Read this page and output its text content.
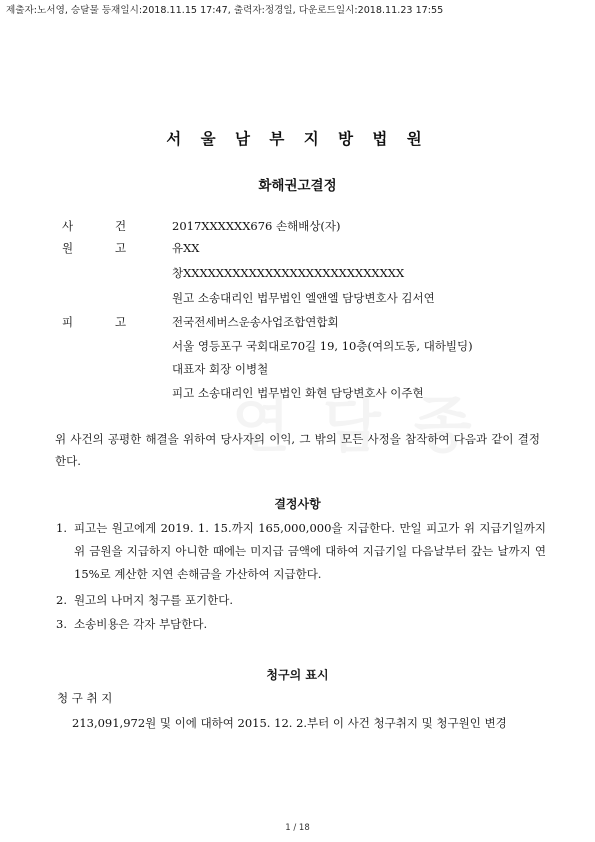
제출자:노서영, 승달물 등재일시:2018.11.15 17:47, 출력자:정경일, 다운로드일시:2018.11.23 17:55
서 울 남 부 지 방 법 원
화해권고결정
사	건	2017XXXXXX676 손해배상(자)
원	고	유XX
창XXXXXXXXXXXXXXXXXXXXXXXXXXX
원고 소송대리인 법무법인 엘앤엘 담당변호사 김서연
피	고	전국전세버스운송사업조합연합회
서울 영등포구 국회대로70길 19, 10층(여의도동, 대하빌딩)
대표자 회장 이병철
피고 소송대리인 법무법인 화현 담당변호사 이주현
위 사건의 공평한 해결을 위하여 당사자의 이익, 그 밖의 모든 사정을 참작하여 다음과 같이 결정한다.
결정사항
1. 피고는 원고에게 2019. 1. 15.까지 165,000,000을 지급한다. 만일 피고가 위 지급기일까지 위 금원을 지급하지 아니한 때에는 미지급 금액에 대하여 지급기일 다음날부터 갚는 날까지 연 15%로 계산한 지연 손해금을 가산하여 지급한다.
2. 원고의 나머지 청구를 포기한다.
3. 소송비용은 각자 부담한다.
청구의 표시
청 구 취 지
213,091,972원 및 이에 대하여 2015. 12. 2.부터 이 사건 청구취지 및 청구원인 변경
1 / 18
